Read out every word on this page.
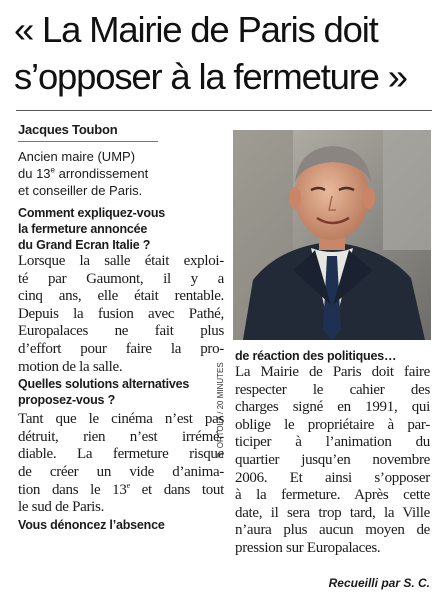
« La Mairie de Paris doit
s’opposer à la fermeture »
Jacques Toubon
Ancien maire (UMP)
du 13e arrondissement
et conseiller de Paris.
Comment expliquez-vous
la fermeture annoncée
du Grand Ecran Italie ?
Lorsque la salle était exploi-
té par Gaumont, il y a
cinq ans, elle était rentable.
Depuis la fusion avec Pathé,
Europalaces ne fait plus
d’effort pour faire la pro-
motion de la salle.
Quelles solutions alternatives
proposez-vous ?
Tant que le cinéma n’est pas
détruit, rien n’est irrémé-
diable. La fermeture risque
de créer un vide d’anima-
tion dans le 13e et dans tout
le sud de Paris.
Vous dénoncez l’absence
S. ORTOLA / 20 MINUTES
de réaction des politiques…
La Mairie de Paris doit faire
respecter le cahier des
charges signé en 1991, qui
oblige le propriétaire à par-
ticiper à l’animation du
quartier jusqu’en novembre
2006. Et ainsi s’opposer
à la fermeture. Après cette
date, il sera trop tard, la Ville
n’aura plus aucun moyen de
pression sur Europalaces.
Recueilli par S. C.
